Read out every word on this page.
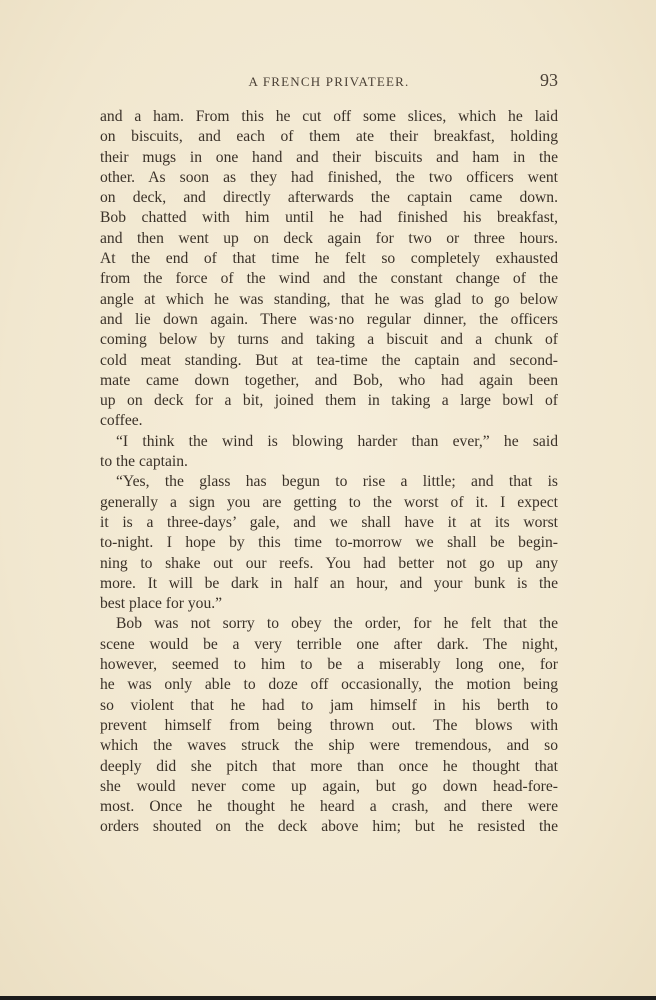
A FRENCH PRIVATEER.	93
and a ham. From this he cut off some slices, which he laid
on biscuits, and each of them ate their breakfast, holding
their mugs in one hand and their biscuits and ham in the
other. As soon as they had finished, the two officers went
on deck, and directly afterwards the captain came down.
Bob chatted with him until he had finished his breakfast,
and then went up on deck again for two or three hours.
At the end of that time he felt so completely exhausted
from the force of the wind and the constant change of the
angle at which he was standing, that he was glad to go below
and lie down again. There was·no regular dinner, the officers
coming below by turns and taking a biscuit and a chunk of
cold meat standing. But at tea-time the captain and second-
mate came down together, and Bob, who had again been
up on deck for a bit, joined them in taking a large bowl of
coffee.
“I think the wind is blowing harder than ever,” he said
to the captain.
“Yes, the glass has begun to rise a little; and that is
generally a sign you are getting to the worst of it. I expect
it is a three-days’ gale, and we shall have it at its worst
to-night. I hope by this time to-morrow we shall be begin-
ning to shake out our reefs. You had better not go up any
more. It will be dark in half an hour, and your bunk is the
best place for you.”
Bob was not sorry to obey the order, for he felt that the
scene would be a very terrible one after dark. The night,
however, seemed to him to be a miserably long one, for
he was only able to doze off occasionally, the motion being
so violent that he had to jam himself in his berth to
prevent himself from being thrown out. The blows with
which the waves struck the ship were tremendous, and so
deeply did she pitch that more than once he thought that
she would never come up again, but go down head-fore-
most. Once he thought he heard a crash, and there were
orders shouted on the deck above him; but he resisted the
